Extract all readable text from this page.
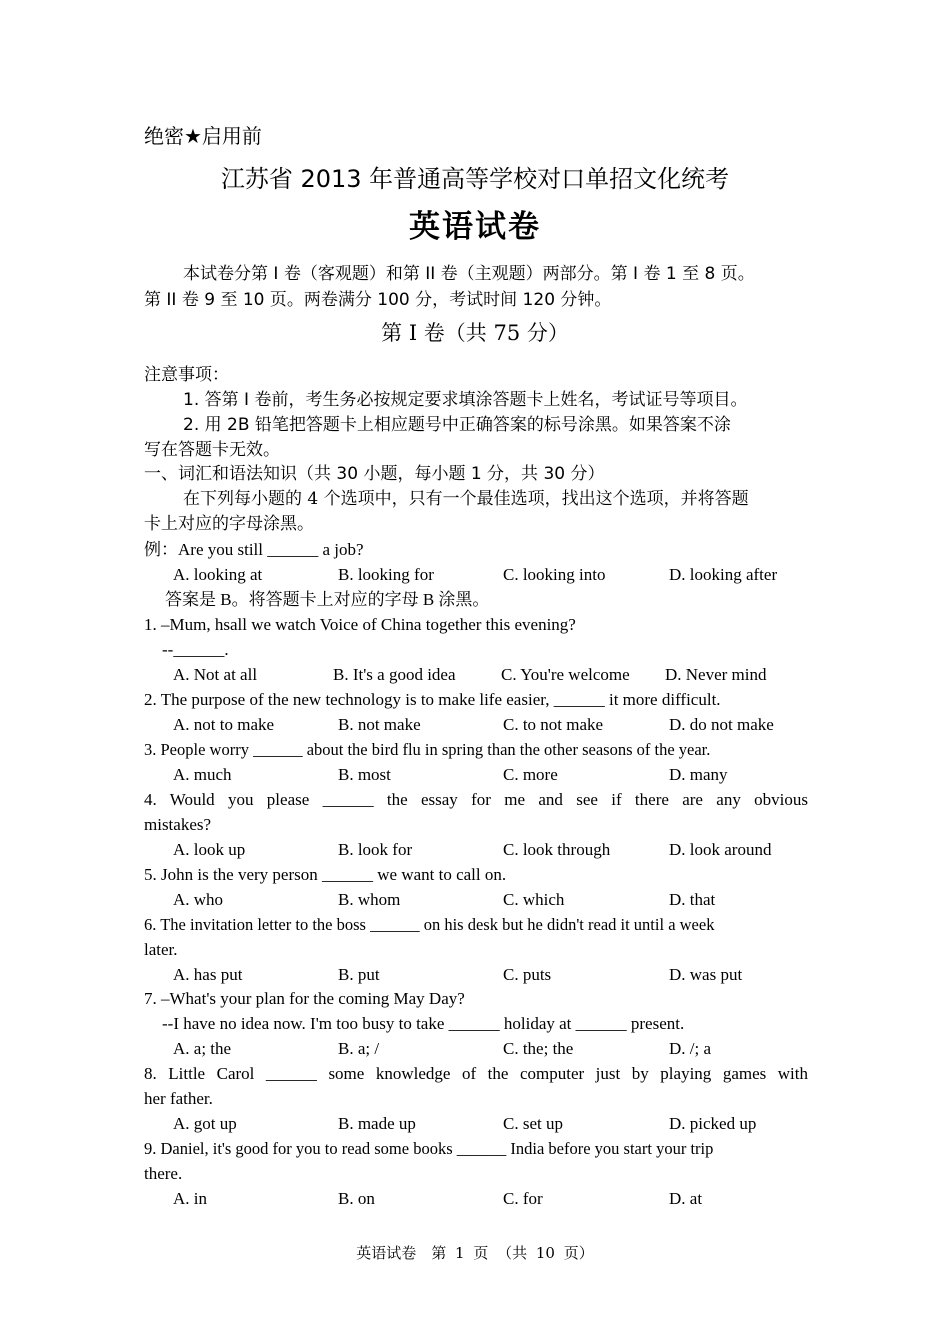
绝密★启用前
江苏省 2013 年普通高等学校对口单招文化统考
英语试卷
本试卷分第 I 卷（客观题）和第 II 卷（主观题）两部分。第 I 卷 1 至 8 页。
第 II 卷 9 至 10 页。两卷满分 100 分，考试时间 120 分钟。
第 I 卷（共 75 分）
注意事项：
1. 答第 I 卷前，考生务必按规定要求填涂答题卡上姓名，考试证号等项目。
2. 用 2B 铅笔把答题卡上相应题号中正确答案的标号涂黑。如果答案不涂
写在答题卡无效。
一、词汇和语法知识（共 30 小题，每小题 1 分，共 30 分）
在下列每小题的 4 个选项中，只有一个最佳选项，找出这个选项，并将答题
卡上对应的字母涂黑。
例：Are you still ______ a job?
A. looking at	B. looking for	C. looking into	D. looking after
答案是 B。将答题卡上对应的字母 B 涂黑。
1. –Mum, hsall we watch Voice of China together this evening?
--______.
A. Not at all	B. It's a good idea	C. You're welcome D. Never mind
2. The purpose of the new technology is to make life easier, ______ it more difficult.
A. not to make	B. not make	C. to not make	D. do not make
3. People worry ______ about the bird flu in spring than the other seasons of the year.
A. much	B. most	C. more	D. many
4. Would you please ______ the essay for me and see if there are any obvious
mistakes?
A. look up	B. look for	C. look through	D. look around
5. John is the very person ______ we want to call on.
A. who	B. whom	C. which	D. that
6. The invitation letter to the boss ______ on his desk but he didn't read it until a week
later.
A. has put	B. put	C. puts	D. was put
7. –What's your plan for the coming May Day?
--I have no idea now. I'm too busy to take ______ holiday at ______ present.
A. a; the	B. a; /	C. the; the	D. /; a
8. Little Carol ______ some knowledge of the computer just by playing games with
her father.
A. got up	B. made up	C. set up	D. picked up
9. Daniel, it's good for you to read some books ______ India before you start your trip
there.
A. in	B. on	C. for	D. at
英语试卷　第 1 页 （共 10 页）
